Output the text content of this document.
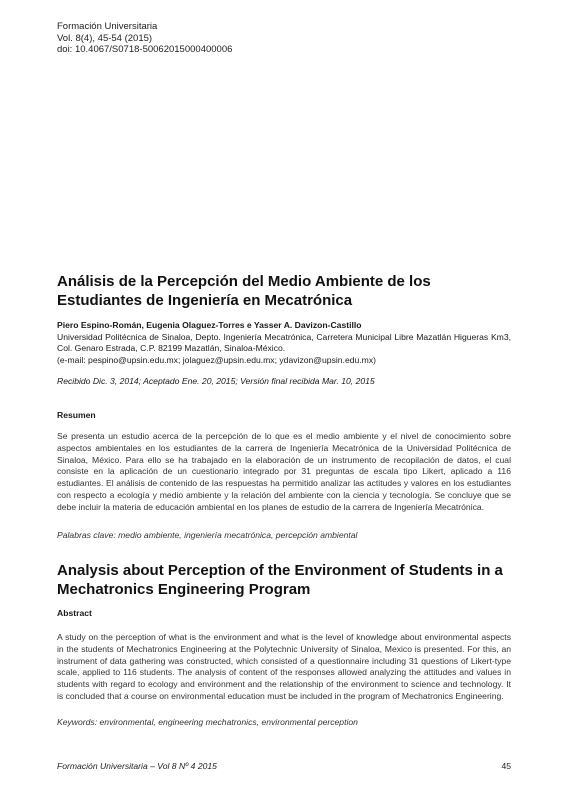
Formación Universitaria
Vol. 8(4), 45-54 (2015)
doi: 10.4067/S0718-50062015000400006
Análisis de la Percepción del Medio Ambiente de los
Estudiantes de Ingeniería en Mecatrónica
Piero Espino-Román, Eugenia Olaguez-Torres e Yasser A. Davizon-Castillo
Universidad Politécnica de Sinaloa, Depto. Ingeniería Mecatrónica, Carretera Municipal Libre Mazatlán Higueras Km3, Col. Genaro Estrada, C.P. 82199 Mazatlán, Sinaloa-México.
(e-mail: pespino@upsin.edu.mx; jolaguez@upsin.edu.mx; ydavizon@upsin.edu.mx)
Recibido Dic. 3, 2014; Aceptado Ene. 20, 2015; Versión final recibida Mar. 10, 2015
Resumen
Se presenta un estudio acerca de la percepción de lo que es el medio ambiente y el nivel de conocimiento sobre aspectos ambientales en los estudiantes de la carrera de Ingeniería Mecatrónica de la Universidad Politécnica de Sinaloa, México. Para ello se ha trabajado en la elaboración de un instrumento de recopilación de datos, el cual consiste en la aplicación de un cuestionario integrado por 31 preguntas de escala tipo Likert, aplicado a 116 estudiantes. El análisis de contenido de las respuestas ha permitido analizar las actitudes y valores en los estudiantes con respecto a ecología y medio ambiente y la relación del ambiente con la ciencia y tecnología. Se concluye que se debe incluir la materia de educación ambiental en los planes de estudio de la carrera de Ingeniería Mecatrónica.
Palabras clave: medio ambiente, ingeniería mecatrónica, percepción ambiental
Analysis about Perception of the Environment of Students in a
Mechatronics Engineering Program
Abstract
A study on the perception of what is the environment and what is the level of knowledge about environmental aspects in the students of Mechatronics Engineering at the Polytechnic University of Sinaloa, Mexico is presented. For this, an instrument of data gathering was constructed, which consisted of a questionnaire including 31 questions of Likert-type scale, applied to 116 students. The analysis of content of the responses allowed analyzing the attitudes and values in students with regard to ecology and environment and the relationship of the environment to science and technology. It is concluded that a course on environmental education must be included in the program of Mechatronics Engineering.
Keywords: environmental, engineering mechatronics, environmental perception
Formación Universitaria – Vol 8 Nº 4 2015	45
